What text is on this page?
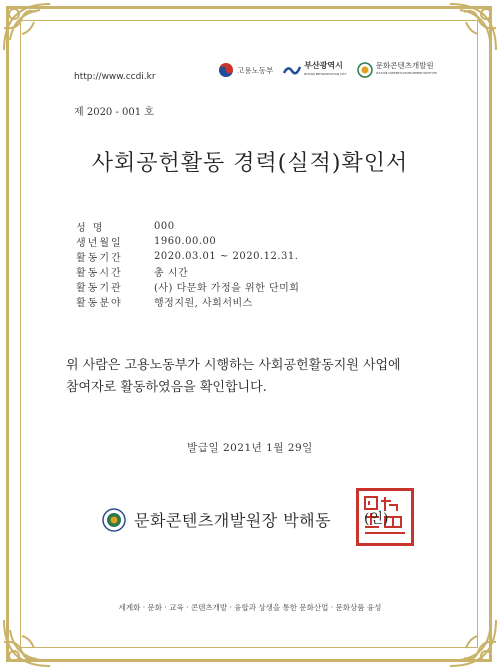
http://www.ccdi.kr
고용노동부	부산광역시
BUSAN METROPOLITAN CITY
문화콘텐츠개발원
CULTURE CONTENTS DEVELOPMENT INSTITUTE
제 2020 - 001 호
사회공헌활동 경력(실적)확인서
성 명	000
생년월일	1960.00.00
활동기간	2020.03.01 ~ 2020.12.31.
활동시간	총 시간
활동기관	(사) 다문화 가정을 위한 단미회
활동분야	행정지원, 사회서비스
위 사람은 고용노동부가 시행하는 사회공헌활동지원 사업에
참여자로 활동하였음을 확인합니다.
발급일 2021년 1월 29일
문화콘텐츠개발원장 박해동 (인)
세계화 · 문화 · 교육 · 콘텐츠개발 · 융합과 상생을 통한 문화산업 · 문화상품 융성
